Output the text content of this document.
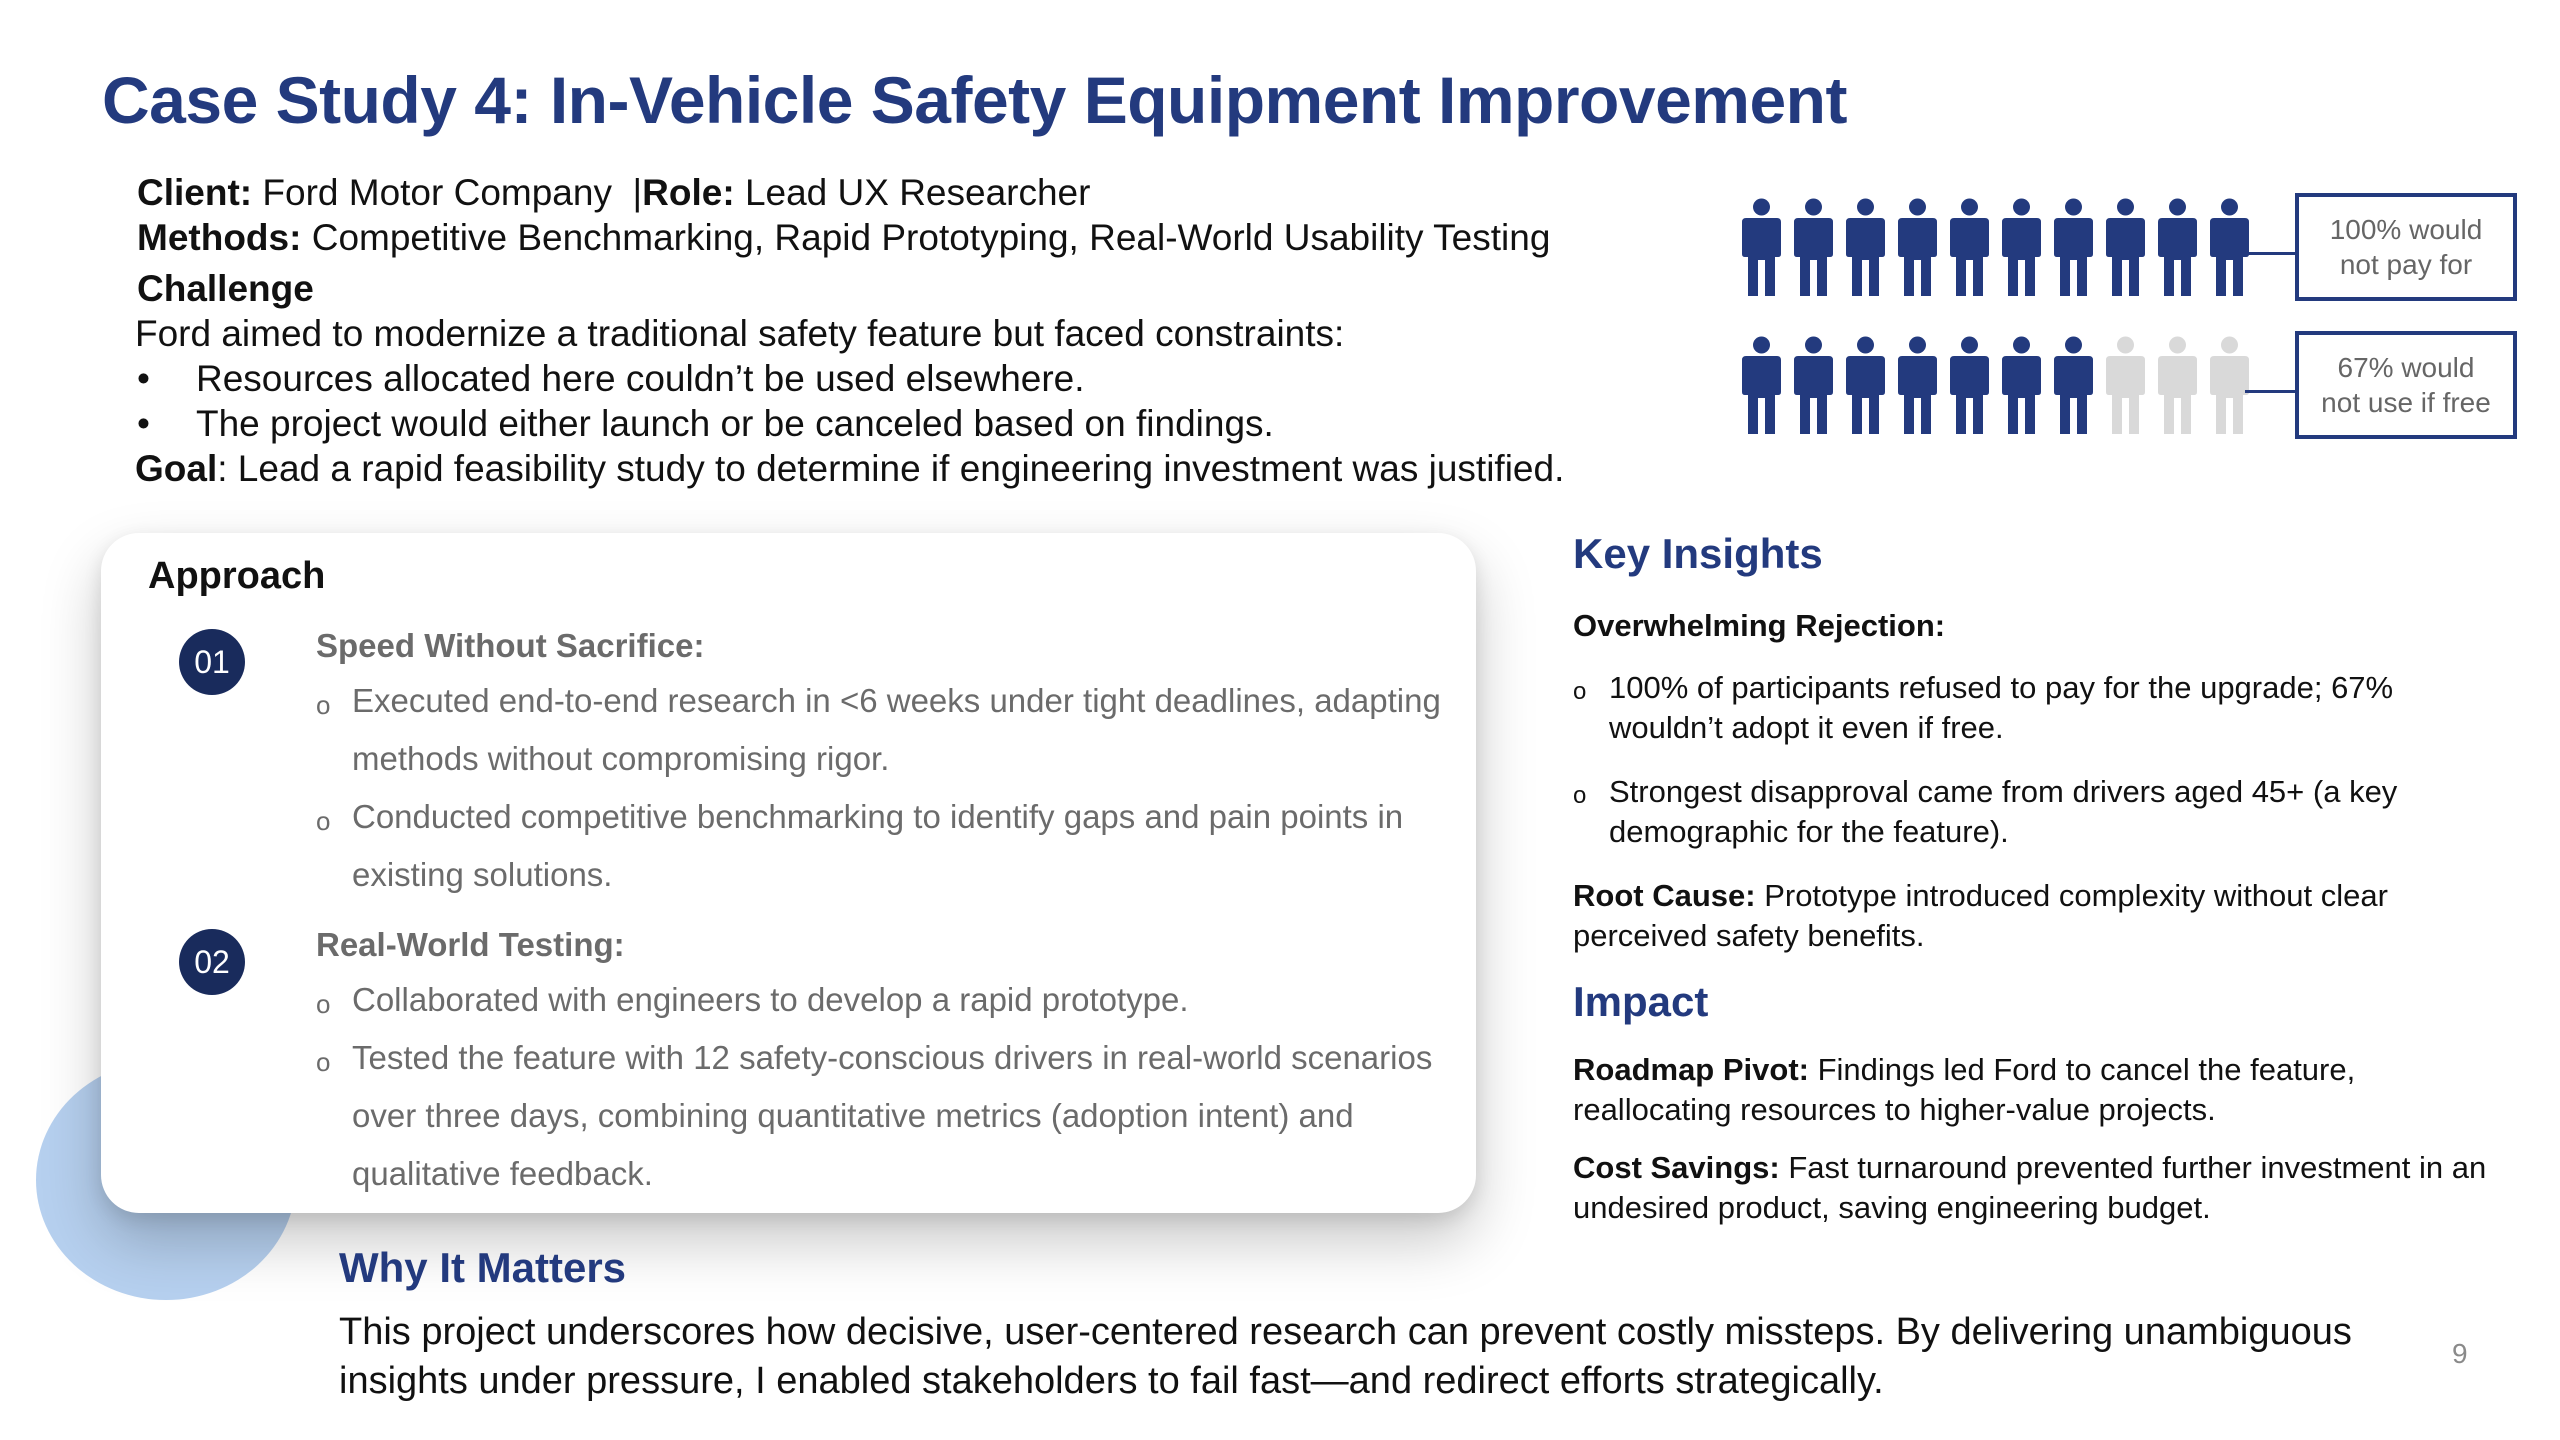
Case Study 4: In-Vehicle Safety Equipment Improvement
Client: Ford Motor Company |Role: Lead UX Researcher
Methods: Competitive Benchmarking, Rapid Prototyping, Real-World Usability Testing
Challenge
Ford aimed to modernize a traditional safety feature but faced constraints:
• Resources allocated here couldn’t be used elsewhere.
• The project would either launch or be canceled based on findings.
Goal: Lead a rapid feasibility study to determine if engineering investment was justified.
100% would
not pay for
67% would
not use if free
Approach
01	Speed Without Sacrifice:
o Executed end-to-end research in <6 weeks under tight deadlines, adapting methods without compromising rigor.
o Conducted competitive benchmarking to identify gaps and pain points in existing solutions.
02	Real-World Testing:
o Collaborated with engineers to develop a rapid prototype.
o Tested the feature with 12 safety-conscious drivers in real-world scenarios over three days, combining quantitative metrics (adoption intent) and qualitative feedback.
Key Insights
Overwhelming Rejection:
o 100% of participants refused to pay for the upgrade; 67% wouldn’t adopt it even if free.
o Strongest disapproval came from drivers aged 45+ (a key demographic for the feature).
Root Cause: Prototype introduced complexity without clear perceived safety benefits.
Impact
Roadmap Pivot: Findings led Ford to cancel the feature, reallocating resources to higher-value projects.
Cost Savings: Fast turnaround prevented further investment in an undesired product, saving engineering budget.
Why It Matters
This project underscores how decisive, user-centered research can prevent costly missteps. By delivering unambiguous insights under pressure, I enabled stakeholders to fail fast—and redirect efforts strategically.
9
